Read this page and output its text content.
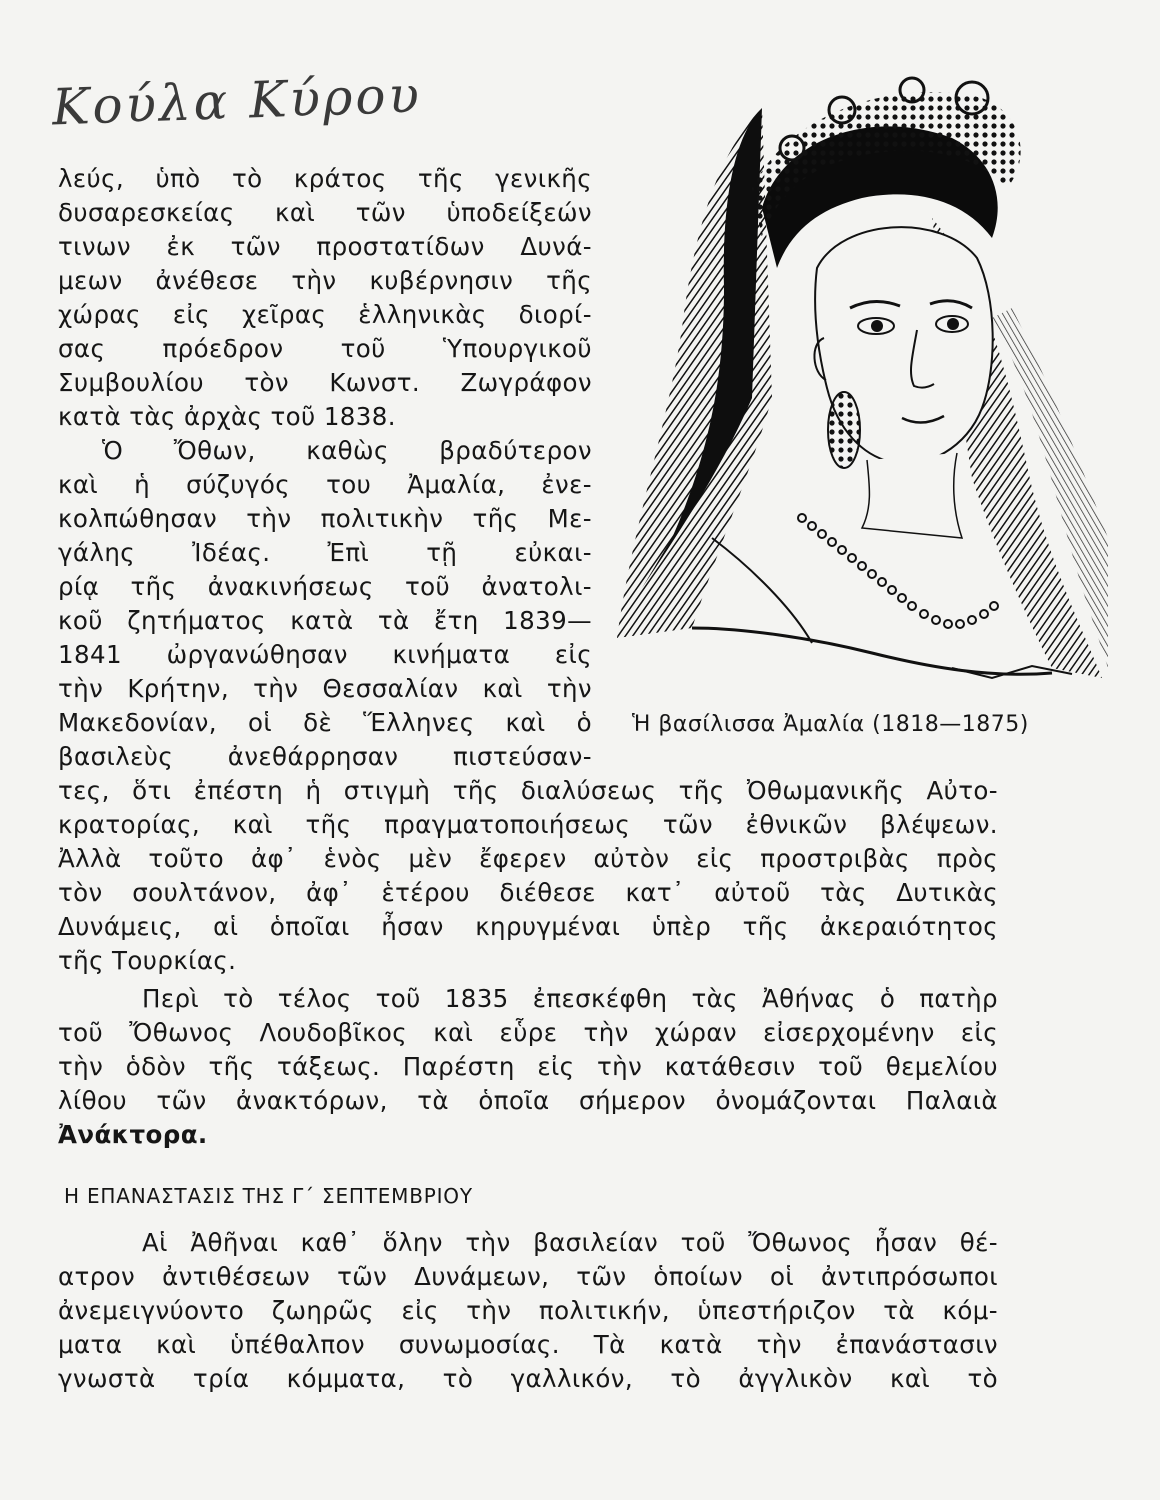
Κούλα Κύρου
λεύς, ὑπὸ τὸ κράτος τῆς γενικῆς
δυσαρεσκείας καὶ τῶν ὑποδείξεών
τινων ἐκ τῶν προστατίδων Δυνά-
μεων ἀνέθεσε τὴν κυβέρνησιν τῆς
χώρας εἰς χεῖρας ἑλληνικὰς διορί-
σας πρόεδρον τοῦ Ὑπουργικοῦ
Συμβουλίου τὸν Κωνστ. Ζωγράφον
κατὰ τὰς ἀρχὰς τοῦ 1838.
Ὁ Ὄθων, καθὼς βραδύτερον
καὶ ἡ σύζυγός του Ἀμαλία, ἐνε-
κολπώθησαν τὴν πολιτικὴν τῆς Με-
γάλης Ἰδέας. Ἐπὶ τῇ εὐκαι-
ρίᾳ τῆς ἀνακινήσεως τοῦ ἀνατολι-
κοῦ ζητήματος κατὰ τὰ ἔτη 1839—
1841 ὠργανώθησαν κινήματα εἰς
τὴν Κρήτην, τὴν Θεσσαλίαν καὶ τὴν
Μακεδονίαν, οἱ δὲ Ἕλληνες καὶ ὁ
βασιλεὺς ἀνεθάρρησαν πιστεύσαν-
τες, ὅτι ἐπέστη ἡ στιγμὴ τῆς διαλύσεως τῆς Ὀθωμανικῆς Αὐτο-
κρατορίας, καὶ τῆς πραγματοποιήσεως τῶν ἐθνικῶν βλέψεων.
Ἀλλὰ τοῦτο ἀφ᾽ ἑνὸς μὲν ἔφερεν αὐτὸν εἰς προστριβὰς πρὸς
τὸν σουλτάνον, ἀφ᾽ ἑτέρου διέθεσε κατ᾽ αὐτοῦ τὰς Δυτικὰς
Δυνάμεις, αἱ ὁποῖαι ἦσαν κηρυγμέναι ὑπὲρ τῆς ἀκεραιότητος
τῆς Τουρκίας.
Περὶ τὸ τέλος τοῦ 1835 ἐπεσκέφθη τὰς Ἀθήνας ὁ πατὴρ
τοῦ Ὄθωνος Λουδοβῖκος καὶ εὗρε τὴν χώραν εἰσερχομένην εἰς
τὴν ὁδὸν τῆς τάξεως. Παρέστη εἰς τὴν κατάθεσιν τοῦ θεμελίου
λίθου τῶν ἀνακτόρων, τὰ ὁποῖα σήμερον ὀνομάζονται Παλαιὰ
Ἀνάκτορα.
Η ΕΠΑΝΑΣΤΑΣΙΣ ΤΗΣ Γ΄ ΣΕΠΤΕΜΒΡΙΟΥ
Αἱ Ἀθῆναι καθ᾽ ὅλην τὴν βασιλείαν τοῦ Ὄθωνος ἦσαν θέ-
ατρον ἀντιθέσεων τῶν Δυνάμεων, τῶν ὁποίων οἱ ἀντιπρόσωποι
ἀνεμειγνύοντο ζωηρῶς εἰς τὴν πολιτικήν, ὑπεστήριζον τὰ κόμ-
ματα καὶ ὑπέθαλπον συνωμοσίας. Τὰ κατὰ τὴν ἐπανάστασιν
γνωστὰ τρία κόμματα, τὸ γαλλικόν, τὸ ἀγγλικὸν καὶ τὸ
Ἡ βασίλισσα Ἀμαλία (1818—1875)
